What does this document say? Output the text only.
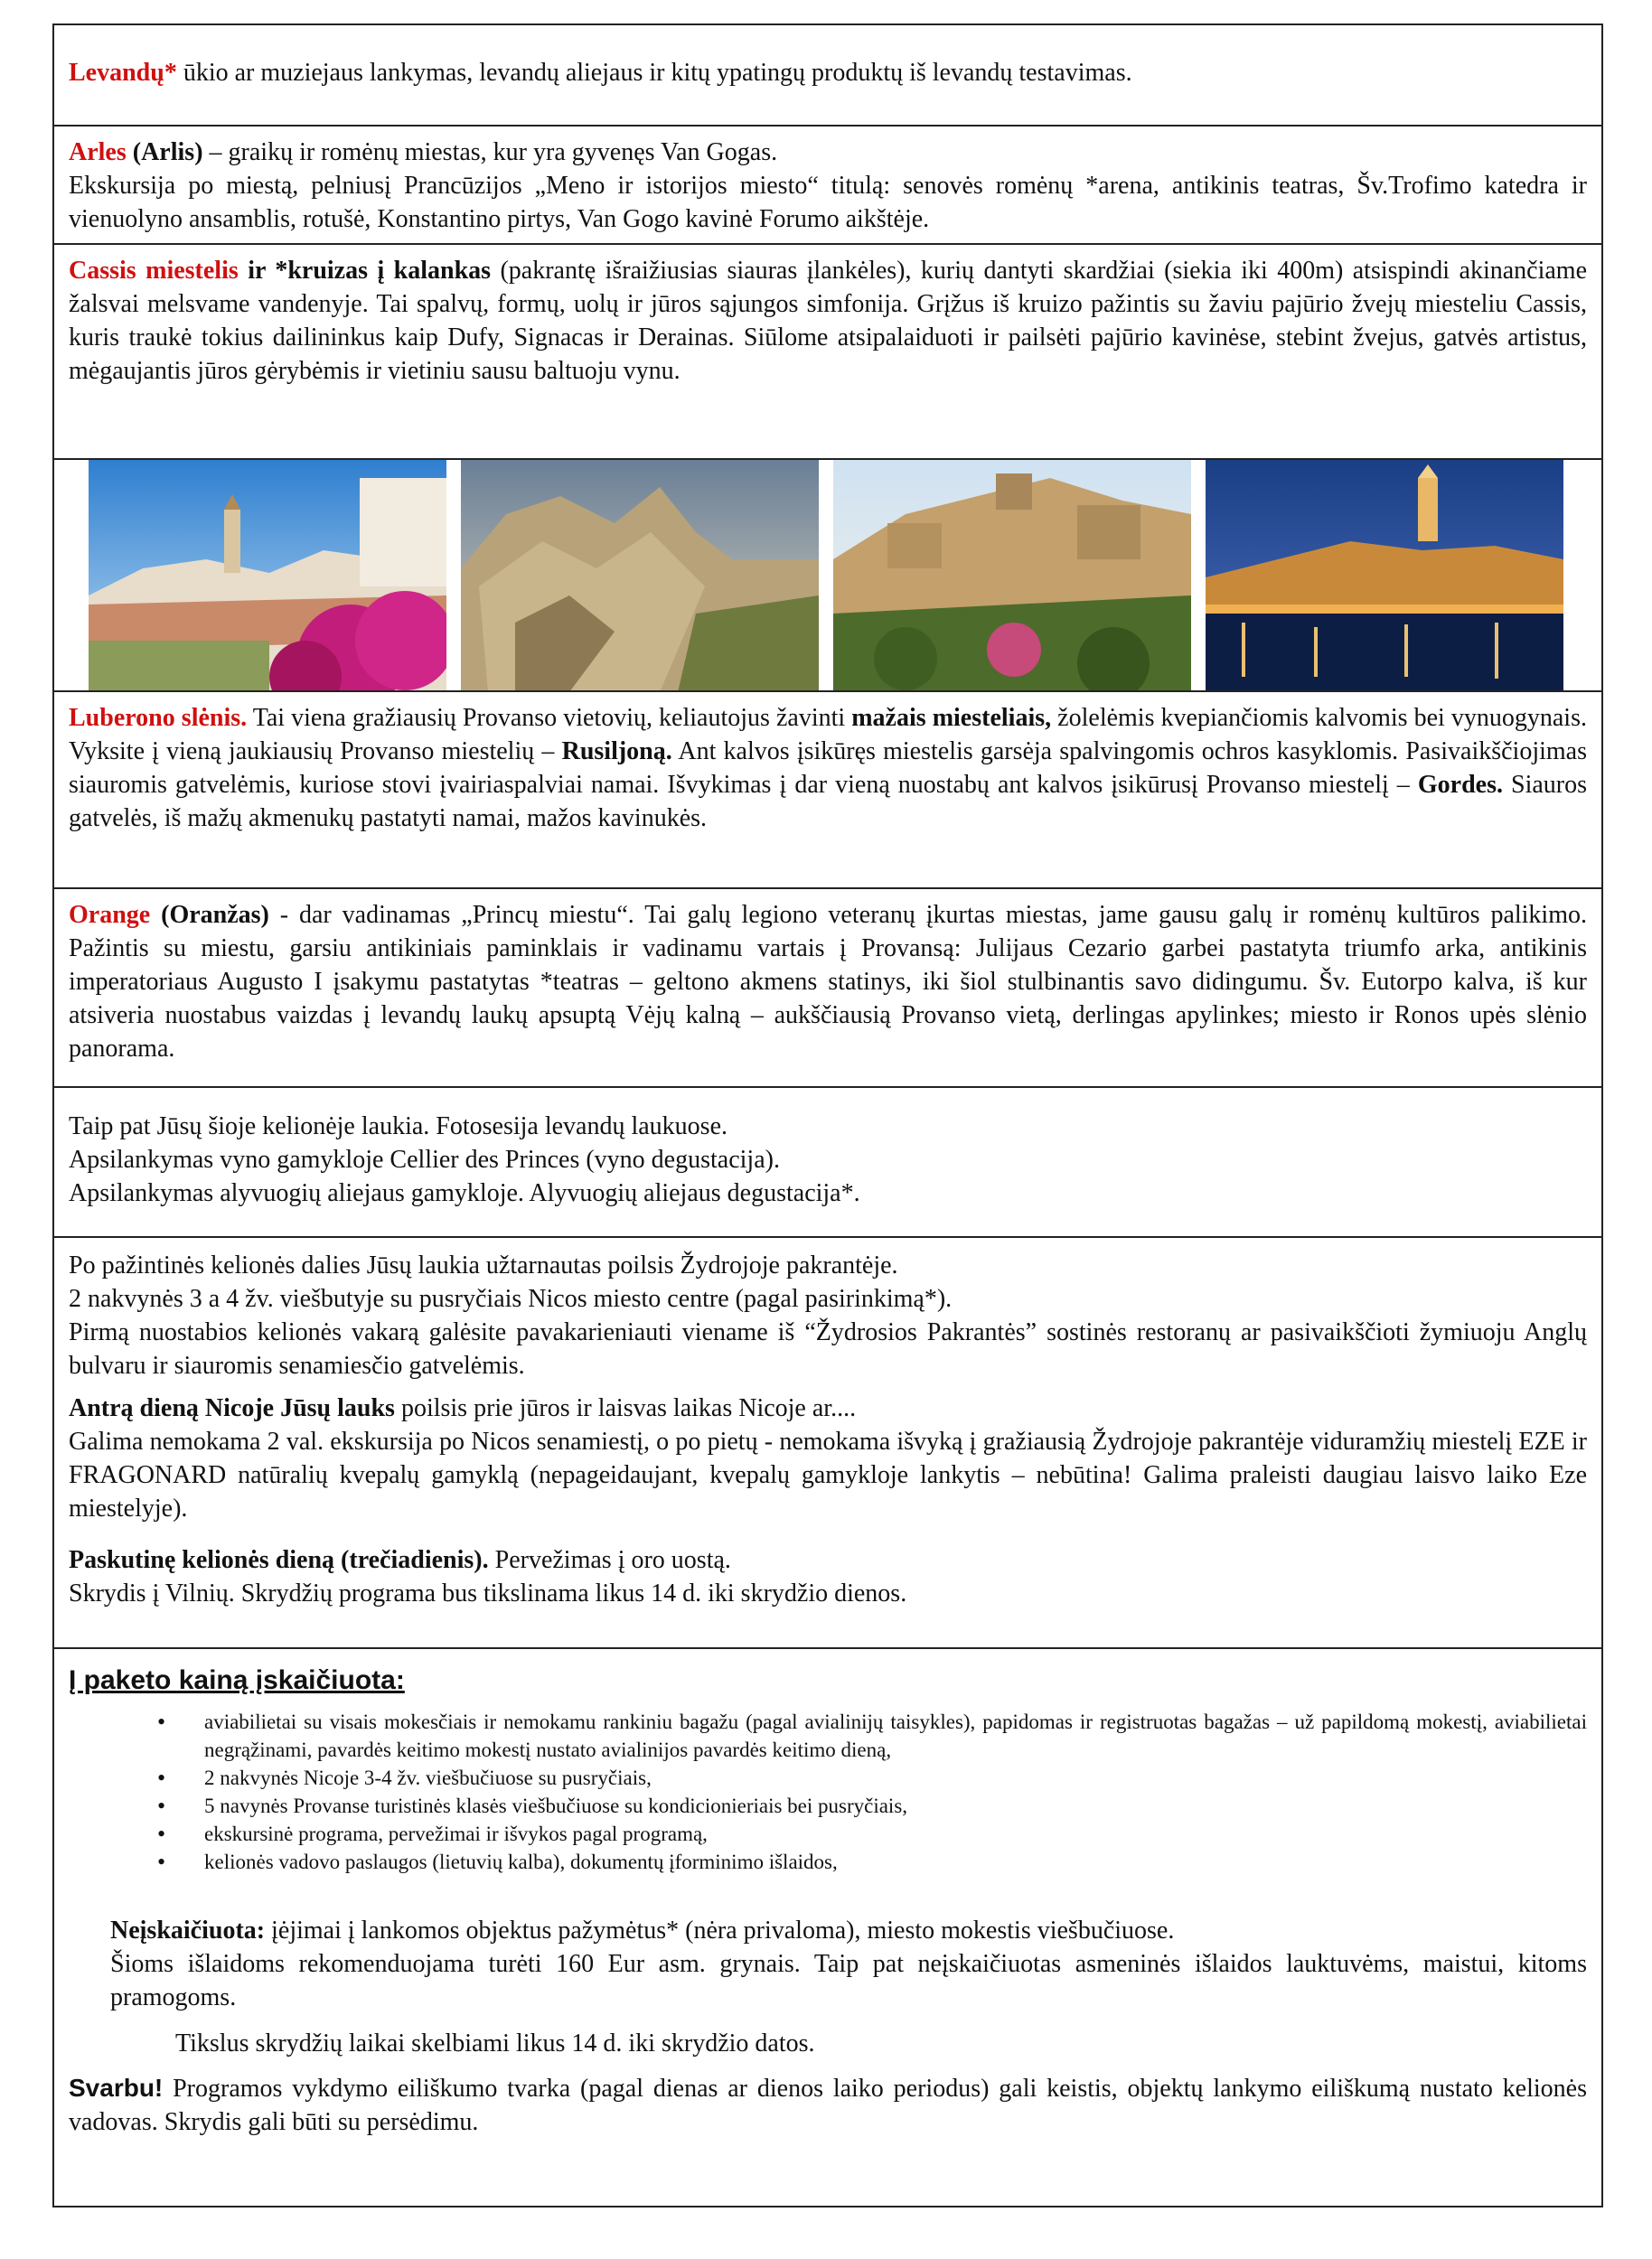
Levandų* ūkio ar muziejaus lankymas, levandų aliejaus ir kitų ypatingų produktų iš levandų testavimas.

Arles (Arlis) – graikų ir romėnų miestas, kur yra gyvenęs Van Gogas.

Ekskursija po miestą, pelniusį Prancūzijos „Meno ir istorijos miesto“ titulą: senovės romėnų *arena, antikinis teatras, Šv.Trofimo katedra ir vienuolyno ansamblis, rotušė, Konstantino pirtys, Van Gogo kavinė Forumo aikštėje.

Cassis miestelis ir *kruizas į kalankas (pakrantę išraižiusias siauras įlankėles), kurių dantyti skardžiai (siekia iki 400m) atsispindi akinančiame žalsvai melsvame vandenyje. Tai spalvų, formų, uolų ir jūros sąjungos simfonija. Grįžus iš kruizo pažintis su žaviu pajūrio žvejų miesteliu Cassis, kuris traukė tokius dailininkus kaip Dufy, Signacas ir Derainas. Siūlome atsipalaiduoti ir pailsėti pajūrio kavinėse, stebint žvejus, gatvės artistus, mėgaujantis jūros gėrybėmis ir vietiniu sausu baltuoju vynu.

Luberono slėnis. Tai viena gražiausių Provanso vietovių, keliautojus žavinti mažais miesteliais, žolelėmis kvepiančiomis kalvomis bei vynuogynais. Vyksite į vieną jaukiausių Provanso miestelių – Rusiljoną. Ant kalvos įsikūręs miestelis garsėja spalvingomis ochros kasyklomis. Pasivaikščiojimas siauromis gatvelėmis, kuriose stovi įvairiaspalviai namai. Išvykimas į dar vieną nuostabų ant kalvos įsikūrusį Provanso miestelį – Gordes. Siauros gatvelės, iš mažų akmenukų pastatyti namai, mažos kavinukės.

Orange (Oranžas) - dar vadinamas „Princų miestu“. Tai galų legiono veteranų įkurtas miestas, jame gausu galų ir romėnų kultūros palikimo. Pažintis su miestu, garsiu antikiniais paminklais ir vadinamu vartais į Provansą: Julijaus Cezario garbei pastatyta triumfo arka, antikinis imperatoriaus Augusto I įsakymu pastatytas *teatras – geltono akmens statinys, iki šiol stulbinantis savo didingumu. Šv. Eutorpo kalva, iš kur atsiveria nuostabus vaizdas į levandų laukų apsuptą Vėjų kalną – aukščiausią Provanso vietą, derlingas apylinkes; miesto ir Ronos upės slėnio panorama.

Taip pat Jūsų šioje kelionėje laukia. Fotosesija levandų laukuose.

Apsilankymas vyno gamykloje Cellier des Princes (vyno degustacija).

Apsilankymas alyvuogių aliejaus gamykloje. Alyvuogių aliejaus degustacija*.

Po pažintinės kelionės dalies Jūsų laukia užtarnautas poilsis Žydrojoje pakrantėje.

2 nakvynės 3 a 4 žv. viešbutyje su pusryčiais Nicos miesto centre (pagal pasirinkimą*).

Pirmą nuostabios kelionės vakarą galėsite pavakarieniauti viename iš “Žydrosios Pakrantės” sostinės restoranų ar pasivaikščioti žymiuoju Anglų bulvaru ir siauromis senamiesčio gatvelėmis.

Antrą dieną Nicoje Jūsų lauks poilsis prie jūros ir laisvas laikas Nicoje ar....

Galima nemokama 2 val. ekskursija po Nicos senamiestį, o po pietų - nemokama išvyką į gražiausią Žydrojoje pakrantėje viduramžių miestelį EZE ir FRAGONARD natūralių kvepalų gamyklą (nepageidaujant, kvepalų gamykloje lankytis – nebūtina! Galima praleisti daugiau laisvo laiko Eze miestelyje).

Paskutinę kelionės dieną (trečiadienis). Pervežimas į oro uostą.

Skrydis į Vilnių. Skrydžių programa bus tikslinama likus 14 d. iki skrydžio dienos.

Į paketo kainą įskaičiuota:

• aviabilietai su visais mokesčiais ir nemokamu rankiniu bagažu (pagal avialinijų taisykles), papidomas ir registruotas bagažas – už papildomą mokestį, aviabilietai negrąžinami, pavardės keitimo mokestį nustato avialinijos pavardės keitimo dieną,
• 2 nakvynės Nicoje 3-4 žv. viešbučiuose su pusryčiais,
• 5 navynės Provanse turistinės klasės viešbučiuose su kondicionieriais bei pusryčiais,
• ekskursinė programa, pervežimai ir išvykos pagal programą,
• kelionės vadovo paslaugos (lietuvių kalba), dokumentų įforminimo išlaidos,

Neįskaičiuota: įėjimai į lankomos objektus pažymėtus* (nėra privaloma), miesto mokestis viešbučiuose.

Šioms išlaidoms rekomenduojama turėti 160 Eur asm. grynais. Taip pat neįskaičiuotas asmeninės išlaidos lauktuvėms, maistui, kitoms pramogoms.

Tikslus skrydžių laikai skelbiami likus 14 d. iki skrydžio datos.

Svarbu! Programos vykdymo eiliškumo tvarka (pagal dienas ar dienos laiko periodus) gali keistis, objektų lankymo eiliškumą nustato kelionės vadovas. Skrydis gali būti su persėdimu.
